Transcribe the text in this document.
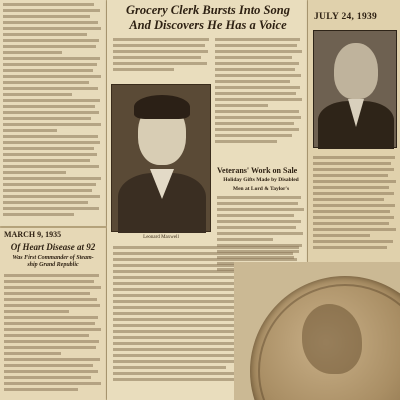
MARCH 9, 1935
Of Heart Disease at 92
Was First Commander of Steam-
ship Grand Republic
Grocery Clerk Bursts Into Song
And Discovers He Has a Voice
Leonard Maxwell
Veterans' Work on Sale
Holiday Gifts Made by Disabled
Men at Lord & Taylor's
JULY 24, 1939
